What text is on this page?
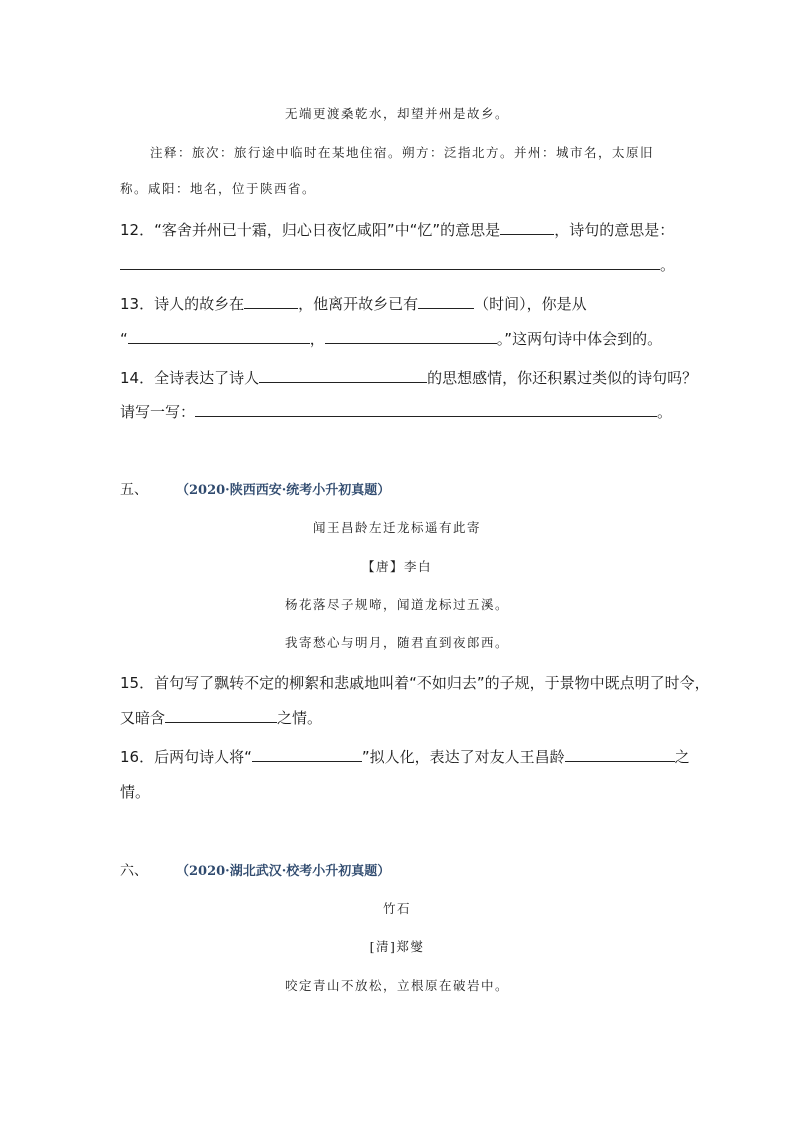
无端更渡桑乾水，却望并州是故乡。
注释：旅次：旅行途中临时在某地住宿。朔方：泛指北方。并州：城市名，太原旧
称。咸阳：地名，位于陕西省。
12．“客舍并州已十霜，归心日夜忆咸阳”中“忆”的意思是	，诗句的意思是：
。
13．诗人的故乡在	，他离开故乡已有	（时间），你是从
“	，	。”这两句诗中体会到的。
14．全诗表达了诗人	的思想感情，你还积累过类似的诗句吗？
请写一写：	。
五、 （2020·陕西西安·统考小升初真题）
闻王昌龄左迁龙标遥有此寄
【唐】李白
杨花落尽子规啼，闻道龙标过五溪。
我寄愁心与明月，随君直到夜郎西。
15．首句写了飘转不定的柳絮和悲戚地叫着“不如归去”的子规，于景物中既点明了时令，
又暗含	之情。
16．后两句诗人将“	”拟人化，表达了对友人王昌龄	之
情。
六、 （2020·湖北武汉·校考小升初真题）
竹石
[清]郑燮
咬定青山不放松，立根原在破岩中。
